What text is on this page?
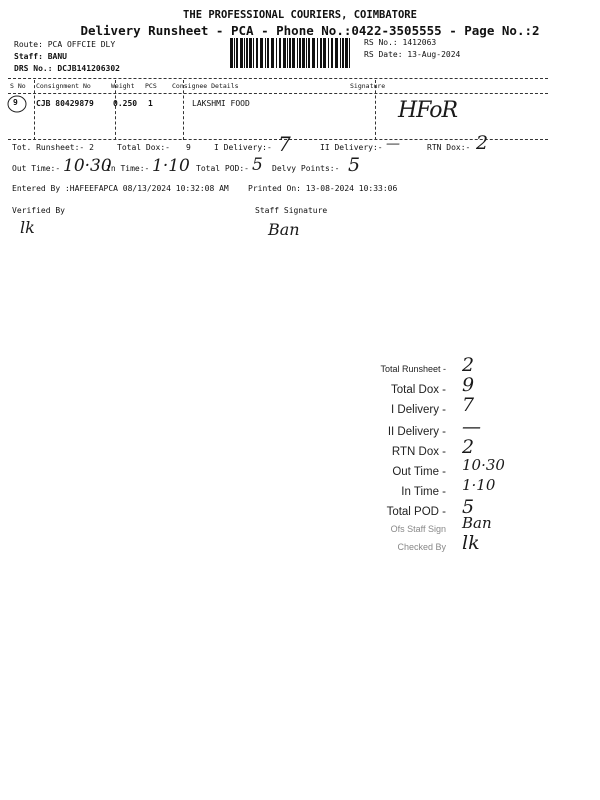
THE PROFESSIONAL COURIERS, COIMBATORE
Delivery Runsheet - PCA - Phone No.:0422-3505555 - Page No.:2
Route: PCA OFFCIE DLY
Staff: BANU
DRS No.: DCJB141206302
RS No.: 1412063
RS Date: 13-Aug-2024
S No Consignment No	Weight PCS Consignee Details	Signature
9 CJB 80429879 0.250 1	LAKSHMI FOOD	HFoR
Tot. Runsheet:- 2	Total Dox:- 9	I Delivery:- 7	II Delivery:- —	RTN Dox:- 2
Out Time:- 10·30
In Time:- 1·10 Total POD:- 5 Delvy Points:- 5
Entered By :HAFEEFAPCA 08/13/2024 10:32:08 AM Printed On: 13-08-2024 10:33:06
Verified By
lk
Staff Signature
Ban
Total Runsheet - 2
Total Dox - 9
I Delivery - 7
II Delivery - —
RTN Dox - 2
Out Time - 10·30
In Time - 1·10
Total POD - 5
Ofs Staff Sign Ban
Checked By lk
